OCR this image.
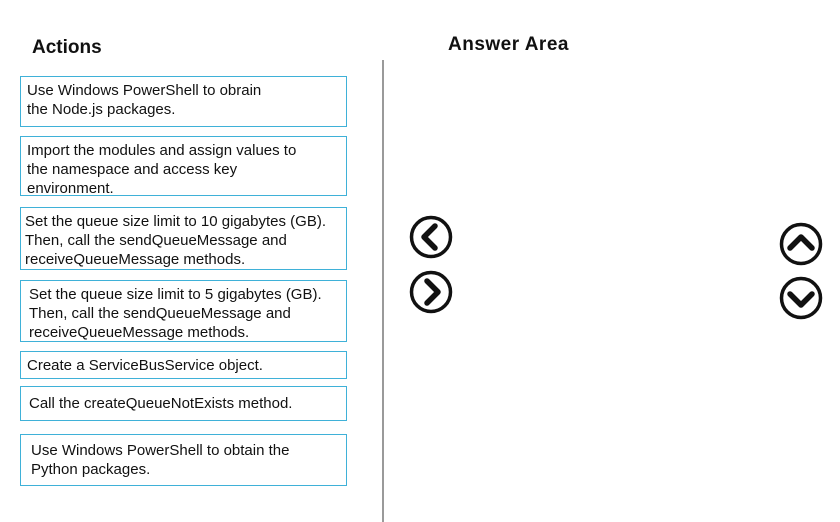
Actions	Answer Area
Use Windows PowerShell to obrain
the Node.js packages.
Import the modules and assign values to
the namespace and access key
environment.
Set the queue size limit to 10 gigabytes (GB).
Then, call the sendQueueMessage and
receiveQueueMessage methods.
Set the queue size limit to 5 gigabytes (GB).
Then, call the sendQueueMessage and
receiveQueueMessage methods.
Create a ServiceBusService object.
Call the createQueueNotExists method.
Use Windows PowerShell to obtain the
Python packages.
